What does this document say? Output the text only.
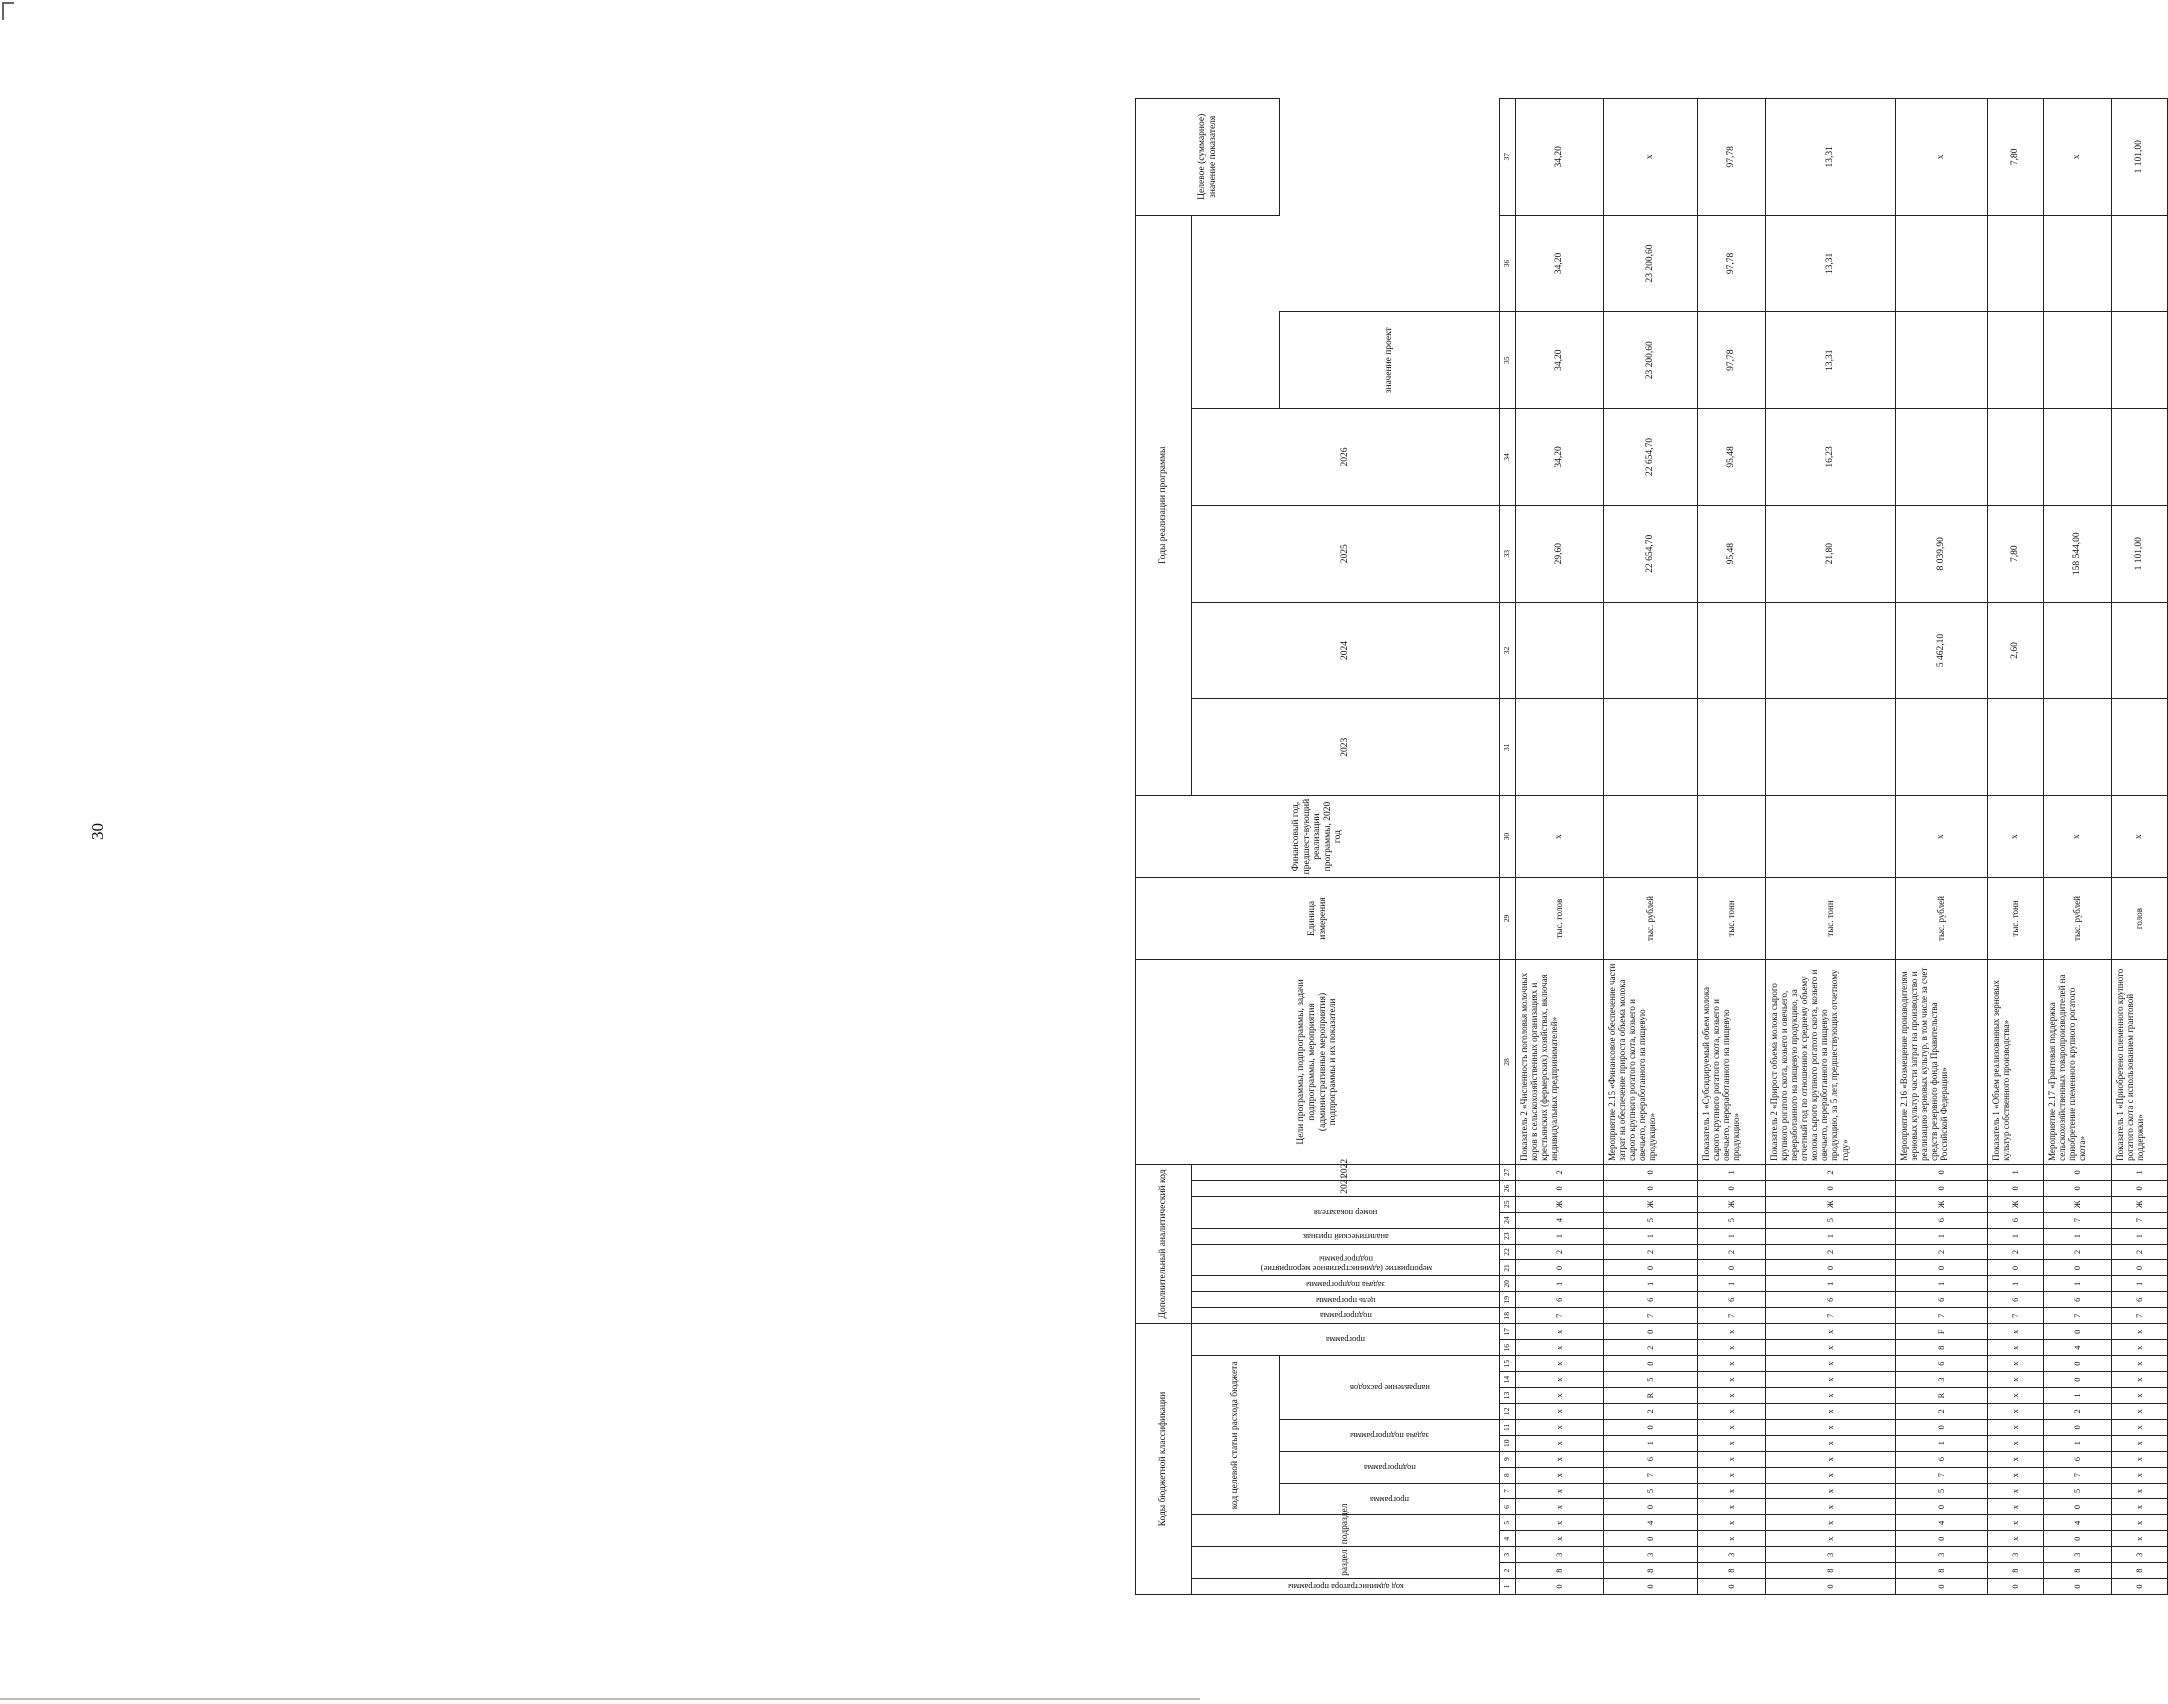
30
Коды бюджетной классификации																	Дополнительный аналитический код										Цели программы, подпрограммы, задачи подпрограммы, мероприятия (административные мероприятия) подпрограммы и их показатели	Единица измерения	Финансовый год, предшест-вующий реализации программы, 2020 год	Годы реализации программы						Целевое (суммарное) значение показателя

код администратора программы	раздел		подраздел		код целевой статьи расхода бюджета										программа		подпрограмма	цель программы	задача подпрограммы	мероприятие (административное мероприятие) подпрограммы		аналитический признак	номер показателя		2021	2022				2023	2024	2025	2026			

					программа		подпрограмма		задача подпрограммы		направление расходов																							значение проект		
1	2	3	4	5	6	7	8	9	10	11	12	13	14	15	16	17	18	19	20	21	22	23	24	25	26	27	28	29	30	31	32	33	34	35	36	37
0	8	3	х	х	х	х	х	х	х	х	х	х	х	х	х	х	7	6	1	0	2	1	4	Ж	0	2	Показатель 2 «Численность поголовья молочных коров в сельскохозяйственных организациях и крестьянских (фермерских) хозяйствах, включая индивидуальных предпринимателей»	тыс. голов	х			29,60	34,20	34,20	34,20	34,20
0	8	3	0	4	0	5	7	6	1	0	2	R	5	0	2	0	7	6	1	0	2	1	5	Ж	0	0	Мероприятие 2.15 «Финансовое обеспечение части затрат на обеспечение прироста объема молока сырого крупного рогатого скота, козьего и овечьего, переработанного на пищевую продукцию»	тыс. рублей				22 654,70	22 654,70	23 200,60	23 200,60	х
0	8	3	х	х	х	х	х	х	х	х	х	х	х	х	х	х	7	6	1	0	2	1	5	Ж	0	1	Показатель 1 «Субсидируемый объем молока сырого крупного рогатого скота, козьего и овечьего, переработанного на пищевую продукцию»	тыс. тонн				95,48	95,48	97,78	97,78	97,78
0	8	3	х	х	х	х	х	х	х	х	х	х	х	х	х	х	7	6	1	0	2	1	5	Ж	0	2	Показатель 2 «Прирост объема молока сырого крупного рогатого скота, козьего и овечьего, переработанного на пищевую продукцию, за отчетный год по отношению к среднему объему молока сырого крупного рогатого скота, козьего и овечьего, переработанного на пищевую продукцию, за 5 лет, предшествующих отчетному году»	тыс. тонн				21,80	16,23	13,31	13,31	13,31
0	8	3	0	4	0	5	7	6	1	0	2	R	3	6	8	F	7	6	1	0	2	1	6	Ж	0	0	Мероприятие 2.16 «Возмещение производителям зерновых культур части затрат на производство и реализацию зерновых культур, в том числе за счет средств резервного фонда Правительства Российской Федерации»	тыс. рублей	х		5 462,10	8 039,90				х
0	8	3	х	х	х	х	х	х	х	х	х	х	х	х	х	х	7	6	1	0	2	1	6	Ж	0	1	Показатель 1 «Объем реализованных зерновых культур собственного производства»	тыс. тонн	х		2,60	7,80				7,80
0	8	3	0	4	0	5	7	6	1	0	2	1	0	0	4	0	7	6	1	0	2	1	7	Ж	0	0	Мероприятие 2.17 «Грантовая поддержка сельскохозяйственных товаропроизводителей на приобретение племенного крупного рогатого скота»	тыс. рублей	х			158 544,00				х
0	8	3	х	х	х	х	х	х	х	х	х	х	х	х	х	х	7	6	1	0	2	1	7	Ж	0	1	Показатель 1 «Приобретено племенного крупного рогатого скота с использованием грантовой поддержки»	голов	х			1 101,00				1 101,00
